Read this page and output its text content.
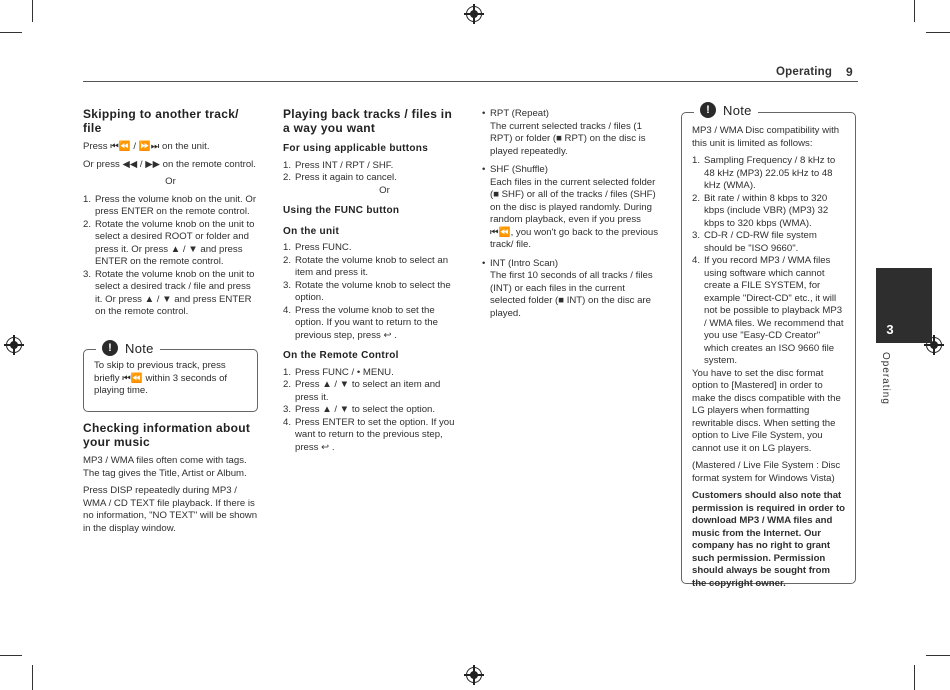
Operating 9
3
Operating
Skipping to another track/ file

Press ⏮⏪ / ⏩⏭ on the unit.

Or press ◀◀ / ▶▶ on the remote control.

Or

1. Press the volume knob on the unit. Or press ENTER on the remote control.
2. Rotate the volume knob on the unit to select a desired ROOT or folder and press it. Or press ▲ / ▼ and press ENTER on the remote control.
3. Rotate the volume knob on the unit to select a desired track / file and press it. Or press ▲ / ▼ and press ENTER on the remote control.
To skip to previous track, press briefly ⏮⏪ within 3 seconds of playing time.
!	Note
Checking information about your music

MP3 / WMA files often come with tags. The tag gives the Title, Artist or Album.

Press DISP repeatedly during MP3 / WMA / CD TEXT file playback. If there is no information, "NO TEXT" will be shown in the display window.

Playing back tracks / files in a way you want
For using applicable buttons
1. Press INT / RPT / SHF.
2. Press it again to cancel.

Or

Using the FUNC button
On the unit
1. Press FUNC.
2. Rotate the volume knob to select an item and press it.
3. Rotate the volume knob to select the option.
4. Press the volume knob to set the option. If you want to return to the previous step, press ↩ .
On the Remote Control
1. Press FUNC / • MENU.
2. Press ▲ / ▼ to select an item and press it.
3. Press ▲ / ▼ to select the option.
4. Press ENTER to set the option. If you want to return to the previous step, press ↩ .
• RPT (Repeat)
The current selected tracks / files (1 RPT) or folder (■ RPT) on the disc is played repeatedly.
• SHF (Shuffle)
Each files in the current selected folder (■ SHF) or all of the tracks / files (SHF) on the disc is played randomly. During random playback, even if you press ⏮⏪, you won't go back to the previous track/ file.
• INT (Intro Scan)
The first 10 seconds of all tracks / files (INT) or each files in the current selected folder (■ INT) on the disc are played.

MP3 / WMA Disc compatibility with this unit is limited as follows:

1. Sampling Frequency / 8 kHz to 48 kHz (MP3) 22.05 kHz to 48 kHz (WMA).
2. Bit rate / within 8 kbps to 320 kbps (include VBR) (MP3) 32 kbps to 320 kbps (WMA).
3. CD-R / CD-RW file system should be "ISO 9660".
4. If you record MP3 / WMA files using software which cannot create a FILE SYSTEM, for example "Direct-CD" etc., it will not be possible to playback MP3 / WMA files. We recommend that you use "Easy-CD Creator" which creates an ISO 9660 file system.

You have to set the disc format option to [Mastered] in order to make the discs compatible with the LG players when formatting rewritable discs. When setting the option to Live File System, you cannot use it on LG players.

(Mastered / Live File System : Disc format system for Windows Vista)

Customers should also note that permission is required in order to download MP3 / WMA files and music from the Internet. Our company has no right to grant such permission. Permission should always be sought from the copyright owner.

!	Note
